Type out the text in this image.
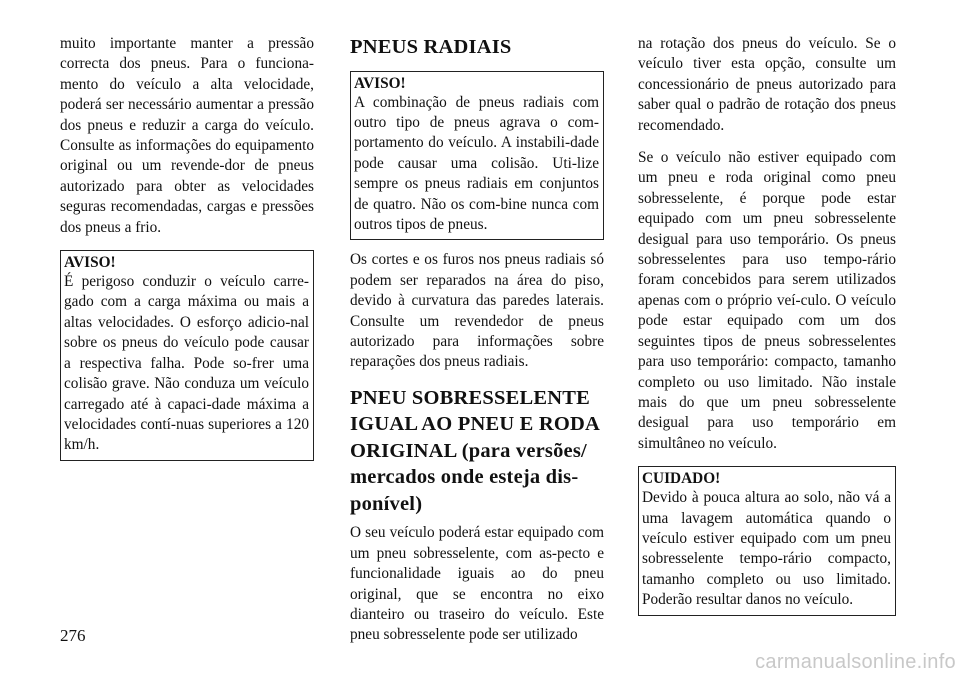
muito importante manter a pressão correcta dos pneus. Para o funciona-mento do veículo a alta velocidade, poderá ser necessário aumentar a pressão dos pneus e reduzir a carga do veículo. Consulte as informações do equipamento original ou um revende-dor de pneus autorizado para obter as velocidades seguras recomendadas, cargas e pressões dos pneus a frio.

AVISO!

É perigoso conduzir o veículo carre-gado com a carga máxima ou mais a altas velocidades. O esforço adicio-nal sobre os pneus do veículo pode causar a respectiva falha. Pode so-frer uma colisão grave. Não conduza um veículo carregado até à capaci-dade máxima a velocidades contí-nuas superiores a 120 km/h.

PNEUS RADIAIS
AVISO!

A combinação de pneus radiais com outro tipo de pneus agrava o com-portamento do veículo. A instabili-dade pode causar uma colisão. Uti-lize sempre os pneus radiais em conjuntos de quatro. Não os com-bine nunca com outros tipos de pneus.

Os cortes e os furos nos pneus radiais só podem ser reparados na área do piso, devido à curvatura das paredes laterais. Consulte um revendedor de pneus autorizado para informações sobre reparações dos pneus radiais.

PNEU SOBRESSELENTE IGUAL AO PNEU E RODA ORIGINAL (para versões/ mercados onde esteja dis-ponível)

O seu veículo poderá estar equipado com um pneu sobresselente, com as-pecto e funcionalidade iguais ao do pneu original, que se encontra no eixo dianteiro ou traseiro do veículo. Este pneu sobresselente pode ser utilizado

na rotação dos pneus do veículo. Se o veículo tiver esta opção, consulte um concessionário de pneus autorizado para saber qual o padrão de rotação dos pneus recomendado.

Se o veículo não estiver equipado com um pneu e roda original como pneu sobresselente, é porque pode estar equipado com um pneu sobresselente desigual para uso temporário. Os pneus sobresselentes para uso tempo-rário foram concebidos para serem utilizados apenas com o próprio veí-culo. O veículo pode estar equipado com um dos seguintes tipos de pneus sobresselentes para uso temporário: compacto, tamanho completo ou uso limitado. Não instale mais do que um pneu sobresselente desigual para uso temporário em simultâneo no veículo.

CUIDADO!

Devido à pouca altura ao solo, não vá a uma lavagem automática quando o veículo estiver equipado com um pneu sobresselente tempo-rário compacto, tamanho completo ou uso limitado. Poderão resultar danos no veículo.

276
carmanualsonline.info
